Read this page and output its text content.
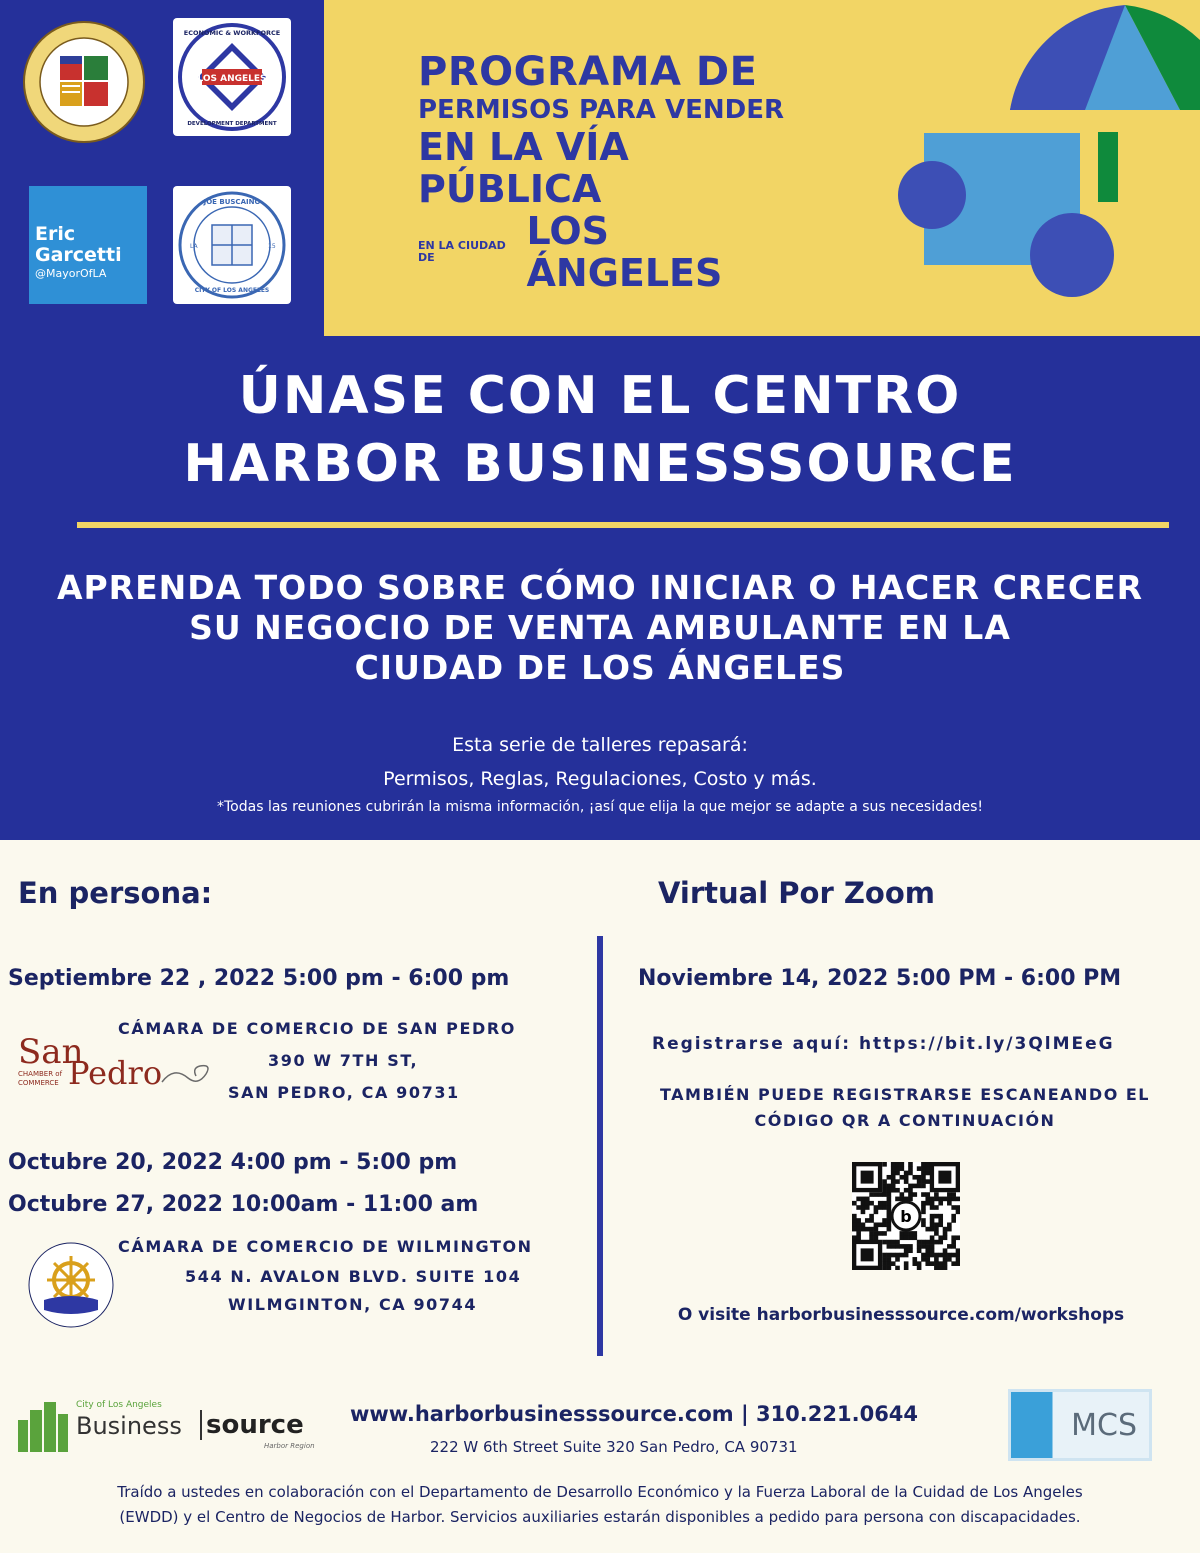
LOS ANGELES
ECONOMIC & WORKFORCE
DEVELOPMENT DEPARTMENT
Eric
Garcetti
@MayorOfLA
JOE BUSCAINO
CITY OF LOS ANGELES
LA	15
PROGRAMA DE
PERMISOS PARA VENDER
EN LA VÍA PÚBLICA
EN LA CIUDAD DE
LOS ÁNGELES
ÚNASE CON EL CENTRO
HARBOR BUSINESSSOURCE
APRENDA TODO SOBRE CÓMO INICIAR O HACER CRECER
SU NEGOCIO DE VENTA AMBULANTE EN LA
CIUDAD DE LOS ÁNGELES
Esta serie de talleres repasará:
Permisos, Reglas, Regulaciones, Costo y más.
*Todas las reuniones cubrirán la misma información, ¡así que elija la que mejor se adapte a sus necesidades!
En persona:
Septiembre 22 , 2022 5:00 pm - 6:00 pm
San
CHAMBER of
COMMERCE Pedro
CÁMARA DE COMERCIO DE SAN PEDRO
390 W 7TH ST,
SAN PEDRO, CA 90731
Octubre 20, 2022 4:00 pm - 5:00 pm
Octubre 27, 2022 10:00am - 11:00 am
CÁMARA DE COMERCIO DE WILMINGTON
544 N. AVALON BLVD. SUITE 104
WILMGINTON, CA 90744
Virtual Por Zoom
Noviembre 14, 2022 5:00 PM - 6:00 PM
Registrarse aquí: https://bit.ly/3QlMEeG
TAMBIÉN PUEDE REGISTRARSE ESCANEANDO EL
CÓDIGO QR A CONTINUACIÓN
b
O visite harborbusinesssource.com/workshops
City of Los Angeles
Business source
Harbor Region
www.harborbusinesssource.com | 310.221.0644
222 W 6th Street Suite 320 San Pedro, CA 90731
MCS
Traído a ustedes en colaboración con el Departamento de Desarrollo Económico y la Fuerza Laboral de la Cuidad de Los Angeles
(EWDD) y el Centro de Negocios de Harbor. Servicios auxiliaries estarán disponibles a pedido para persona con discapacidades.
